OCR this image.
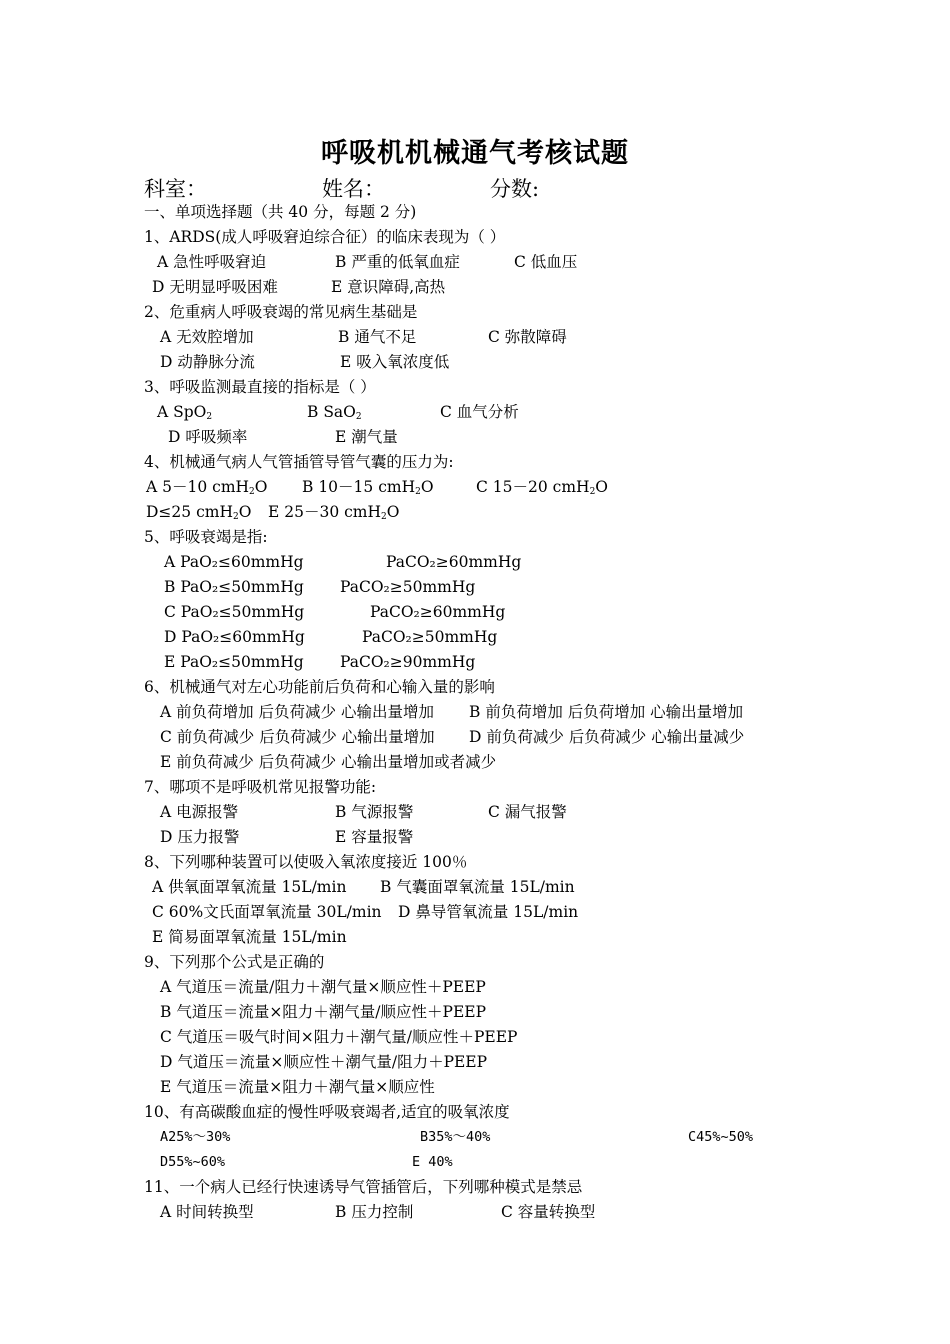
呼吸机机械通气考核试题
科室：	姓名：	分数:
一、单项选择题（共 40 分，每题 2 分)
1、ARDS(成人呼吸窘迫综合征）的临床表现为（ ）
A 急性呼吸窘迫	B 严重的低氧血症	C 低血压
D 无明显呼吸困难	E 意识障碍,高热
2、危重病人呼吸衰竭的常见病生基础是
A 无效腔增加	B 通气不足	C 弥散障碍
D 动静脉分流	E 吸入氧浓度低
3、呼吸监测最直接的指标是（ ）
A SpO$_2$	B SaO$_2$	C 血气分析
D 呼吸频率	E 潮气量
4、机械通气病人气管插管导管气囊的压力为:
A 5－10 cmH$_2$O B 10－15 cmH$_2$O	C 15－20 cmH$_2$O
D≤25 cmH$_2$O E 25－30 cmH$_2$O
5、呼吸衰竭是指:
A PaO₂≤60mmHg	PaCO₂≥60mmHg
B PaO₂≤50mmHg PaCO₂≥50mmHg
C PaO₂≤50mmHg	PaCO₂≥60mmHg
D PaO₂≤60mmHg	PaCO₂≥50mmHg
E PaO₂≤50mmHg PaCO₂≥90mmHg
6、机械通气对左心功能前后负荷和心输入量的影响
A 前负荷增加 后负荷减少 心输出量增加 B 前负荷增加 后负荷增加 心输出量增加
C 前负荷减少 后负荷减少 心输出量增加 D 前负荷减少 后负荷减少 心输出量减少
E 前负荷减少 后负荷减少 心输出量增加或者减少
7、哪项不是呼吸机常见报警功能:
A 电源报警	B 气源报警	C 漏气报警
D 压力报警	E 容量报警
8、下列哪种装置可以使吸入氧浓度接近 100％
A 供氧面罩氧流量 15L/min B 气囊面罩氧流量 15L/min
C 60%文氏面罩氧流量 30L/min D 鼻导管氧流量 15L/min
E 简易面罩氧流量 15L/min
9、下列那个公式是正确的
A 气道压＝流量/阻力＋潮气量×顺应性＋PEEP
B 气道压＝流量×阻力＋潮气量/顺应性＋PEEP
C 气道压＝吸气时间×阻力＋潮气量/顺应性＋PEEP
D 气道压＝流量×顺应性＋潮气量/阻力＋PEEP
E 气道压＝流量×阻力＋潮气量×顺应性
10、有高碳酸血症的慢性呼吸衰竭者,适宜的吸氧浓度
A25%～30%	B35%～40%	C45%~50%
D55%~60%	E 40%
11、一个病人已经行快速诱导气管插管后，下列哪种模式是禁忌
A 时间转换型	B 压力控制	C 容量转换型
